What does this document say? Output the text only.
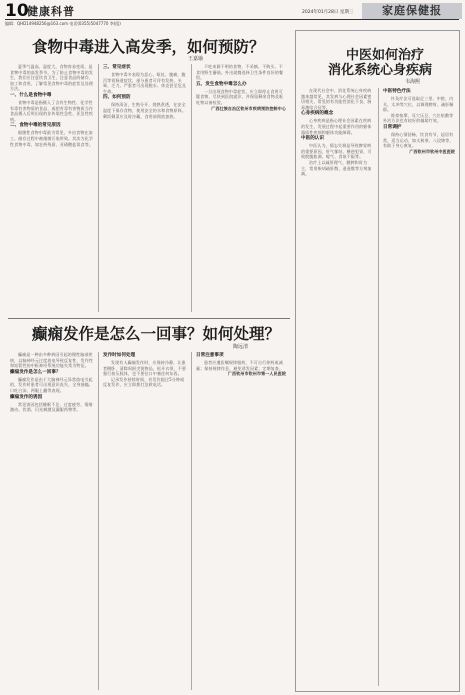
10
健康科普
编辑：QHD14948256@163.com 电话(0355)5047770 李(组)
2024年01月28日 星期三	家庭保健报
食物中毒进入高发季，如何预防？
王嘉瑜

夏季气温高，湿度大，食物容易变质，是食物中毒的高发季节。为了防止食物中毒的发生，我们应注意饮食卫生，注意食品的储存、加工和食用，了解常见食物中毒的症状及处理方法。

一、什么是食物中毒

食物中毒是指摄入了含有生物性、化学性有毒有害物质的食品，或把有毒有害物质当作食品摄入后所出现的非传染性急性、亚急性疾病。

二、食物中毒的常见原因

细菌性食物中毒最为常见，多由食物在加工、储存过程中被细菌污染所致。其次为化学性食物中毒，如农药残留、亚硝酸盐误食等。

三、常见症状

食物中毒多表现为恶心、呕吐、腹痛、腹泻等胃肠道症状，部分患者可伴有发热、头晕、乏力。严重者可出现脱水、休克甚至危及生命。

四、如何预防

保持清洁，生熟分开，烧熟煮透，在安全温度下保存食物，使用安全的水和食物原料。剩饭剩菜应及时冷藏，食用前彻底加热。

不吃来源不明的食物，不采摘、不购买、不食用野生蘑菇。外出就餐选择卫生条件良好的餐馆。

五、发生食物中毒怎么办

一旦出现食物中毒症状，应立即停止食用可疑食物，尽快到医院就诊，并保留剩余食物及呕吐物以备检验。

广西壮族自治区钦州市疾病预防控制中心

癫痫发作是怎么一回事？如何处理？
陶远清

癫痫是一种由多种病因引起的慢性脑部疾病，以脑神经元过度放电导致反复性、发作性和短暂性的中枢神经系统功能失常为特征。

癫痫发作是怎么一回事？

癫痫发作是由于大脑神经元异常放电引起的，发作时患者可出现意识丧失、全身抽搐、口吐白沫、两眼上翻等表现。

癫痫发作的诱因

常见诱因包括睡眠不足、过度疲劳、情绪激动、饮酒、闪光刺激及漏服药物等。

发作时如何处理

发现有人癫痫发作时，应保持冷静，让患者侧卧，清除周围尖锐物品，松开衣领，不要强行按压肢体，也不要往口中塞任何东西。

记录发作持续时间，若发作超过5分钟或反复发作，应立即拨打急救电话。

日常注意事项

患者应遵医嘱规律服药，不可自行停药或减量；保持规律作息，避免诱发因素；定期复查。

广西钦州市钦州市第一人民医院

中医如何治疗
消化系统心身疾病
韦海熙

在现代社会中，消化系统心身疾病越来越常见，其发病与心理社会因素密切相关，常见的有功能性消化不良、肠易激综合征等。

心身疾病的概念

心身疾病是指心理社会因素在疾病的发生、发展过程中起重要作用的躯体器质性疾病和躯体功能障碍。

中医的认识

中医认为，情志失调是导致脾胃病的重要原因，肝气郁结、横逆犯胃，可致脘腹胀满、嗳气、食欲不振等。

治疗上以疏肝理气、健脾和胃为主，常用柴胡疏肝散、逍遥散等方剂加减。

中医特色疗法

针灸疗法可选取足三里、中脘、内关、太冲等穴位，以调理脾胃、疏肝解郁。

推拿按摩、耳穴压豆、穴位贴敷等外治方法也有较好的辅助疗效。

日常调护

保持心情舒畅，饮食有节，起居有常，适当运动，如太极拳、八段锦等，有助于身心康复。

广西钦州市钦州中医医院
